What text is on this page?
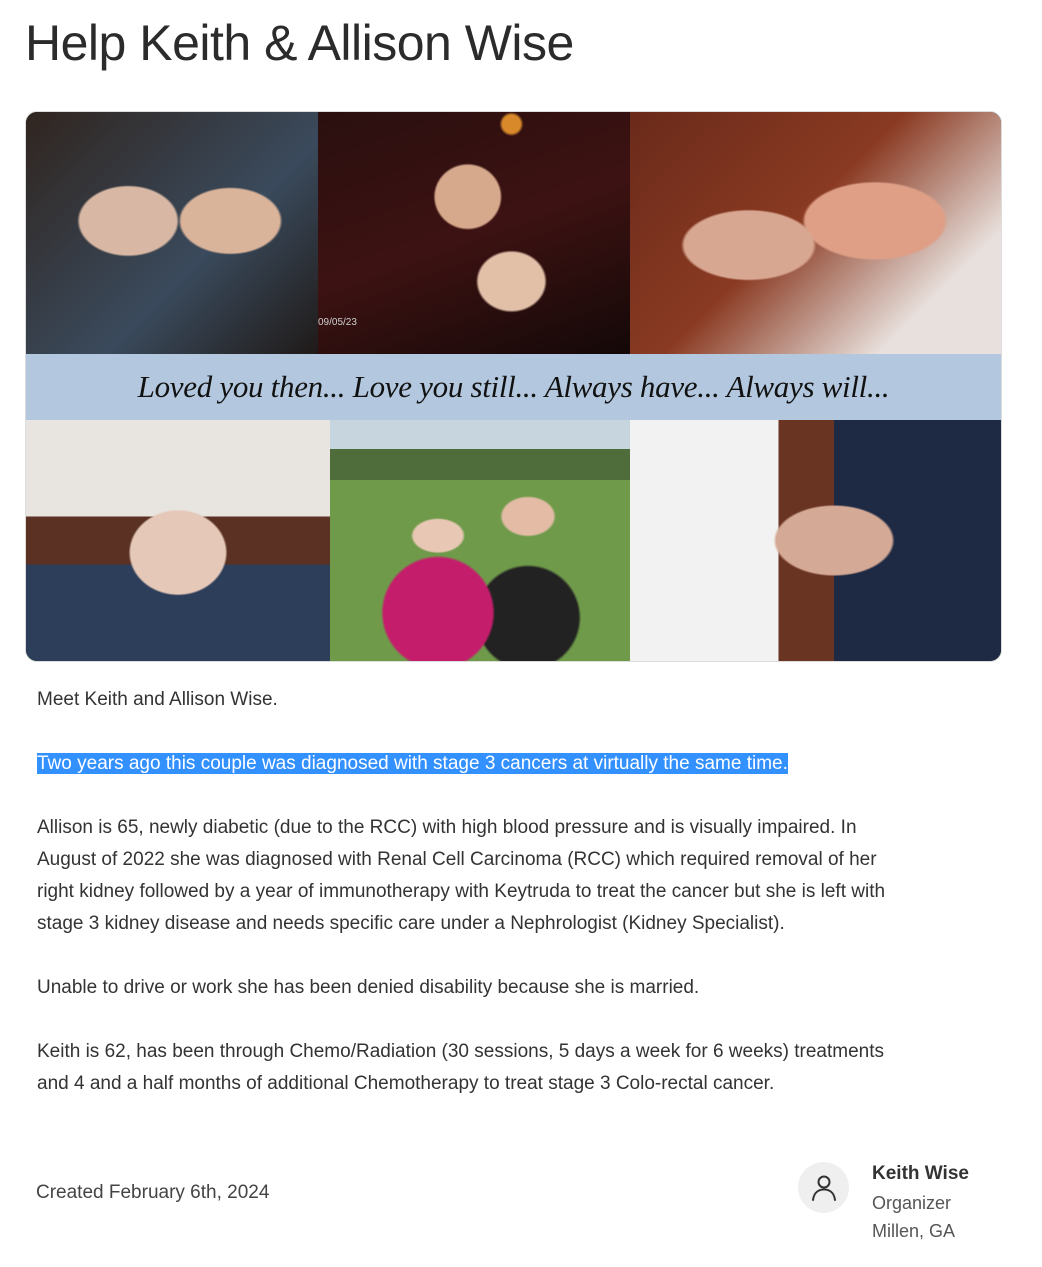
Help Keith & Allison Wise
09/05/23
Loved you then... Love you still... Always have... Always will...

Meet Keith and Allison Wise.

Two years ago this couple was diagnosed with stage 3 cancers at virtually the same time.

Allison is 65, newly diabetic (due to the RCC) with high blood pressure and is visually impaired. In August of 2022 she was diagnosed with Renal Cell Carcinoma (RCC) which required removal of her right kidney followed by a year of immunotherapy with Keytruda to treat the cancer but she is left with stage 3 kidney disease and needs specific care under a Nephrologist (Kidney Specialist).

Unable to drive or work she has been denied disability because she is married.

Keith is 62, has been through Chemo/Radiation (30 sessions, 5 days a week for 6 weeks) treatments and 4 and a half months of additional Chemotherapy to treat stage 3 Colo-rectal cancer.

Created February 6th, 2024
Keith Wise
Organizer
Millen, GA
